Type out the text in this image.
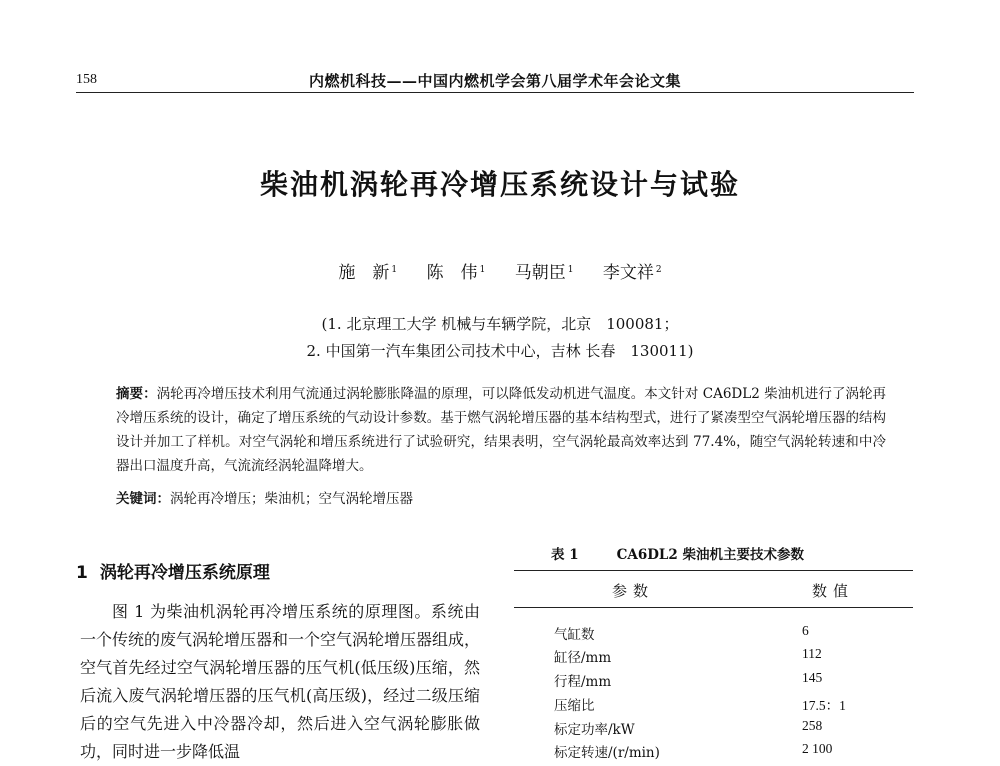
158	内燃机科技——中国内燃机学会第八届学术年会论文集
柴油机涡轮再冷增压系统设计与试验
施　新 $^1$ 陈　伟 $^1$ 马朝臣 $^1$ 李文祥 $^2$
(1. 北京理工大学 机械与车辆学院，北京　100081；
2. 中国第一汽车集团公司技术中心，吉林 长春　130011)
摘要：涡轮再冷增压技术利用气流通过涡轮膨胀降温的原理，可以降低发动机进气温度。本文针对 CA6DL2 柴油机进行了涡轮再冷增压系统的设计，确定了增压系统的气动设计参数。基于燃气涡轮增压器的基本结构型式，进行了紧凑型空气涡轮增压器的结构设计并加工了样机。对空气涡轮和增压系统进行了试验研究，结果表明，空气涡轮最高效率达到 77.4%，随空气涡轮转速和中冷器出口温度升高，气流流经涡轮温降增大。
关键词：涡轮再冷增压；柴油机；空气涡轮增压器
1 涡轮再冷增压系统原理

图 1 为柴油机涡轮再冷增压系统的原理图。系统由一个传统的废气涡轮增压器和一个空气涡轮增压器组成，空气首先经过空气涡轮增压器的压气机(低压级)压缩，然后流入废气涡轮增压器的压气机(高压级)，经过二级压缩后的空气先进入中冷器冷却，然后进入空气涡轮膨胀做功，同时进一步降低温

表 1	CA6DL2 柴油机主要技术参数
参数	数值
气缸数	6
缸径/mm	112
行程/mm	145
压缩比	17.5：1
标定功率/kW	258
标定转速/(r/min)	2 100
